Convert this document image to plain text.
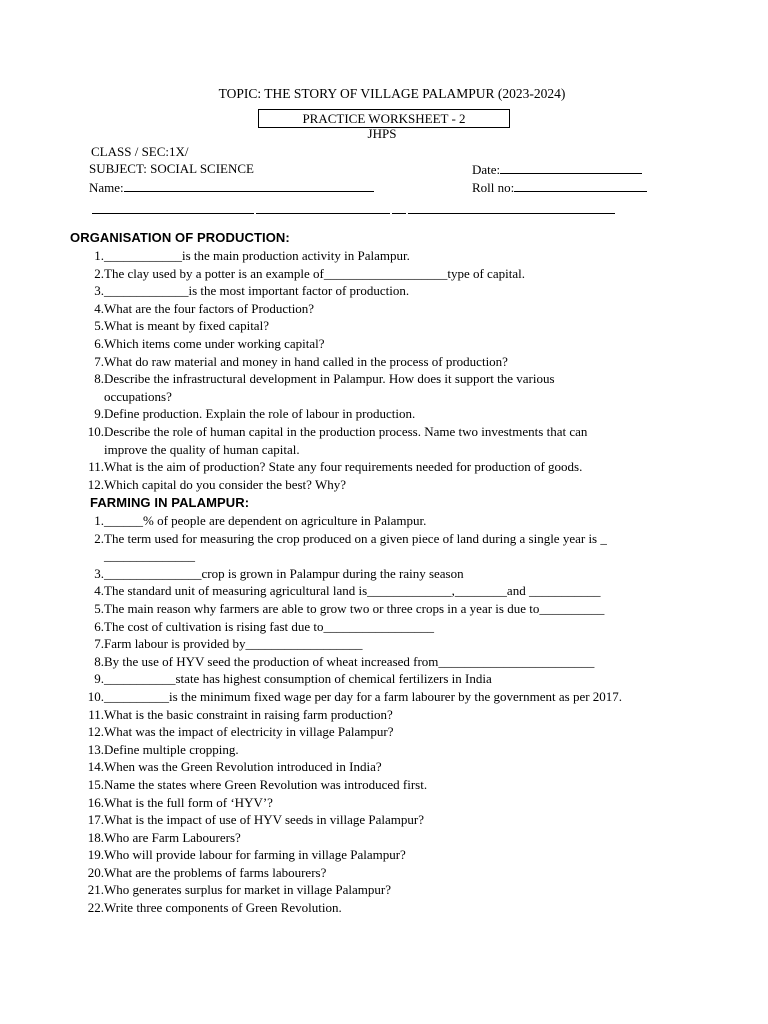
TOPIC: THE STORY OF VILLAGE PALAMPUR (2023-2024)
PRACTICE WORKSHEET - 2
JHPS
CLASS / SEC:1X/
SUBJECT: SOCIAL SCIENCE	Date:
Name:	Roll no:
ORGANISATION OF PRODUCTION:
1. ____________is the main production activity in Palampur.
2. The clay used by a potter is an example of___________________type of capital.
3. _____________is the most important factor of production.
4. What are the four factors of Production?
5. What is meant by fixed capital?
6. Which items come under working capital?
7. What do raw material and money in hand called in the process of production?
8. Describe the infrastructural development in Palampur. How does it support the various
occupations?
9. Define production. Explain the role of labour in production.
10. Describe the role of human capital in the production process. Name two investments that can
improve the quality of human capital.
11. What is the aim of production? State any four requirements needed for production of goods.
12. Which capital do you consider the best? Why?
FARMING IN PALAMPUR:
1. ______% of people are dependent on agriculture in Palampur.
2. The term used for measuring the crop produced on a given piece of land during a single year is _
______________
3. _______________crop is grown in Palampur during the rainy season
4. The standard unit of measuring agricultural land is_____________,________and ___________
5. The main reason why farmers are able to grow two or three crops in a year is due to__________
6. The cost of cultivation is rising fast due to_________________
7. Farm labour is provided by__________________
8. By the use of HYV seed the production of wheat increased from________________________
9. ___________state has highest consumption of chemical fertilizers in India
10. __________is the minimum fixed wage per day for a farm labourer by the government as per 2017.
11. What is the basic constraint in raising farm production?
12. What was the impact of electricity in village Palampur?
13. Define multiple cropping.
14. When was the Green Revolution introduced in India?
15. Name the states where Green Revolution was introduced first.
16. What is the full form of ‘HYV’?
17. What is the impact of use of HYV seeds in village Palampur?
18. Who are Farm Labourers?
19. Who will provide labour for farming in village Palampur?
20. What are the problems of farms labourers?
21. Who generates surplus for market in village Palampur?
22. Write three components of Green Revolution.
